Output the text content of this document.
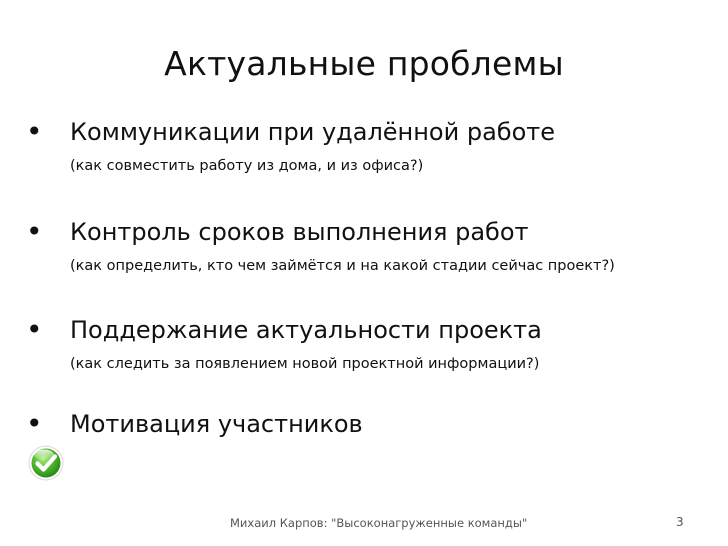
Актуальные проблемы
• Коммуникации при удалённой работе
(как совместить работу из дома, и из офиса?)
• Контроль сроков выполнения работ
(как определить, кто чем займётся и на какой стадии сейчас проект?)
• Поддержание актуальности проекта
(как следить за появлением новой проектной информации?)
• Мотивация участников
Михаил Карпов: "Высоконагруженные команды"	3
